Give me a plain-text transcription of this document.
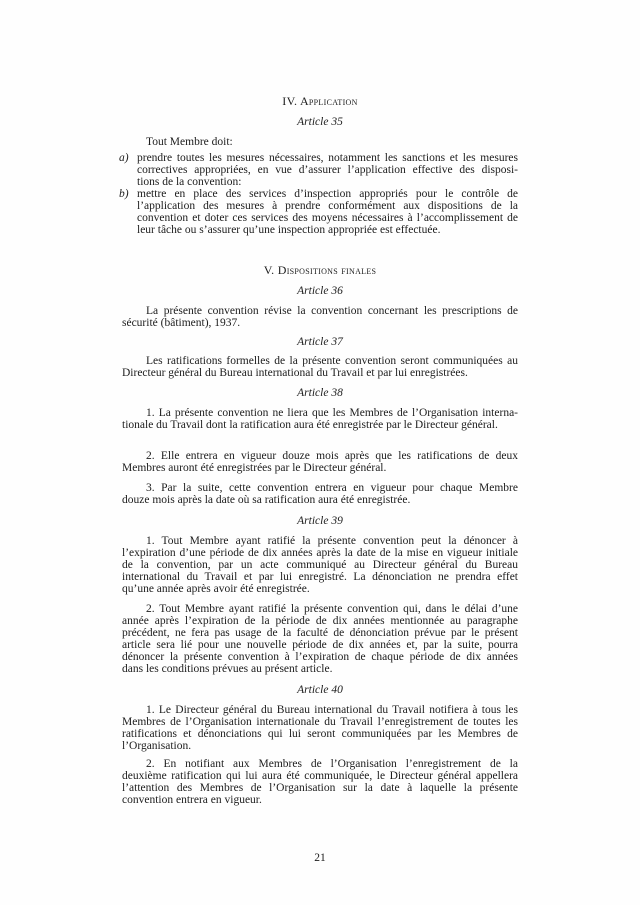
IV. Application
Article 35
Tout Membre doit:
a) prendre toutes les mesures nécessaires, notamment les sanctions et les mesures
correctives appropriées, en vue d’assurer l’application effective des disposi-
tions de la convention:
b) mettre en place des services d’inspection appropriés pour le contrôle de
l’application des mesures à prendre conformément aux dispositions de la
convention et doter ces services des moyens nécessaires à l’accomplissement de
leur tâche ou s’assurer qu’une inspection appropriée est effectuée.
V. Dispositions finales
Article 36
La présente convention révise la convention concernant les prescriptions de
sécurité (bâtiment), 1937.
Article 37
Les ratifications formelles de la présente convention seront communiquées au
Directeur général du Bureau international du Travail et par lui enregistrées.
Article 38
1. La présente convention ne liera que les Membres de l’Organisation interna-
tionale du Travail dont la ratification aura été enregistrée par le Directeur général.
2. Elle entrera en vigueur douze mois après que les ratifications de deux
Membres auront été enregistrées par le Directeur général.
3. Par la suite, cette convention entrera en vigueur pour chaque Membre
douze mois après la date où sa ratification aura été enregistrée.
Article 39
1. Tout Membre ayant ratifié la présente convention peut la dénoncer à
l’expiration d’une période de dix années après la date de la mise en vigueur initiale
de la convention, par un acte communiqué au Directeur général du Bureau
international du Travail et par lui enregistré. La dénonciation ne prendra effet
qu’une année après avoir été enregistrée.
2. Tout Membre ayant ratifié la présente convention qui, dans le délai d’une
année après l’expiration de la période de dix années mentionnée au paragraphe
précédent, ne fera pas usage de la faculté de dénonciation prévue par le présent
article sera lié pour une nouvelle période de dix années et, par la suite, pourra
dénoncer la présente convention à l’expiration de chaque période de dix années
dans les conditions prévues au présent article.
Article 40
1. Le Directeur général du Bureau international du Travail notifiera à tous les
Membres de l’Organisation internationale du Travail l’enregistrement de toutes les
ratifications et dénonciations qui lui seront communiquées par les Membres de
l’Organisation.
2. En notifiant aux Membres de l’Organisation l’enregistrement de la
deuxième ratification qui lui aura été communiquée, le Directeur général appellera
l’attention des Membres de l’Organisation sur la date à laquelle la présente
convention entrera en vigueur.
21
